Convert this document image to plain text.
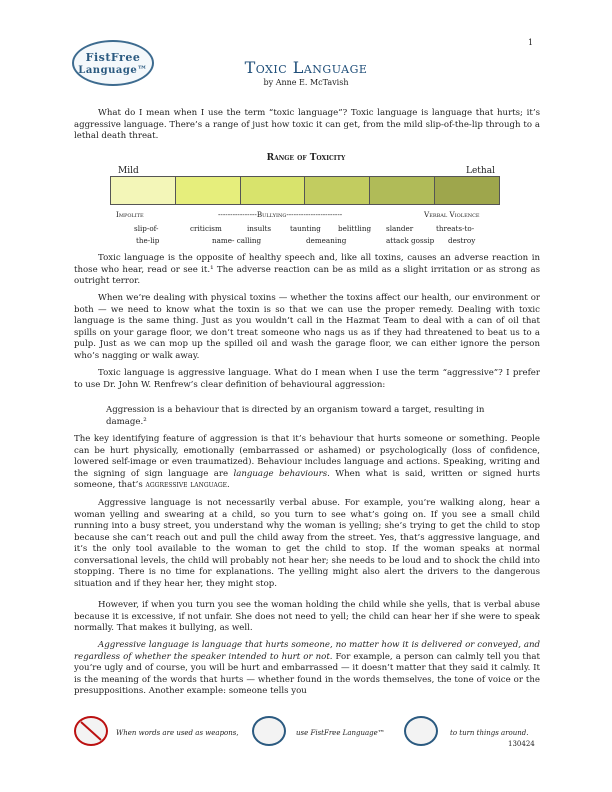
1
FistFree
Language™	Toxic Language
by Anne E. McTavish

What do I mean when I use the term “toxic language”? Toxic language is language that hurts; it’s aggressive language. There’s a range of just how toxic it can get, from the mild slip-of-the-lip through to a lethal death threat.

Range of Toxicity
Mild	Lethal
Impolite	----------------Bullying-----------------------	Verbal Violence
slip-of-	criticism	insults	taunting belittling slander	threats-to-
the-lip	name- calling	demeaning	attack gossip destroy

Toxic language is the opposite of healthy speech and, like all toxins, causes an adverse reaction in those who hear, read or see it.¹ The adverse reaction can be as mild as a slight irritation or as strong as outright terror.

When we’re dealing with physical toxins — whether the toxins affect our health, our environment or both — we need to know what the toxin is so that we can use the proper remedy. Dealing with toxic language is the same thing. Just as you wouldn’t call in the Hazmat Team to deal with a can of oil that spills on your garage floor, we don’t treat someone who nags us as if they had threatened to beat us to a pulp. Just as we can mop up the spilled oil and wash the garage floor, we can either ignore the person who’s nagging or walk away.

Toxic language is aggressive language. What do I mean when I use the term “aggressive”? I prefer to use Dr. John W. Renfrew’s clear definition of behavioural aggression:

Aggression is a behaviour that is directed by an organism toward a target, resulting in damage.²

The key identifying feature of aggression is that it’s behaviour that hurts someone or something. People can be hurt physically, emotionally (embarrassed or ashamed) or psychologically (loss of confidence, lowered self-image or even traumatized). Behaviour includes language and actions. Speaking, writing and the signing of sign language are language behaviours. When what is said, written or signed hurts someone, that’s aggressive language.

Aggressive language is not necessarily verbal abuse. For example, you’re walking along, hear a woman yelling and swearing at a child, so you turn to see what’s going on. If you see a small child running into a busy street, you understand why the woman is yelling; she’s trying to get the child to stop because she can’t reach out and pull the child away from the street. Yes, that’s aggressive language, and it’s the only tool available to the woman to get the child to stop. If the woman speaks at normal conversational levels, the child will probably not hear her; she needs to be loud and to shock the child into stopping. There is no time for explanations. The yelling might also alert the drivers to the dangerous situation and if they hear her, they might stop.

However, if when you turn you see the woman holding the child while she yells, that is verbal abuse because it is excessive, if not unfair. She does not need to yell; the child can hear her if she were to speak normally. That makes it bullying, as well.

Aggressive language is language that hurts someone, no matter how it is delivered or conveyed, and regardless of whether the speaker intended to hurt or not. For example, a person can calmly tell you that you’re ugly and of course, you will be hurt and embarrassed — it doesn’t matter that they said it calmly. It is the meaning of the words that hurts — whether found in the words themselves, the tone of voice or the presuppositions. Another example: someone tells you

When words are used as weapons,	use FistFree Language™	to turn things around.
130424
